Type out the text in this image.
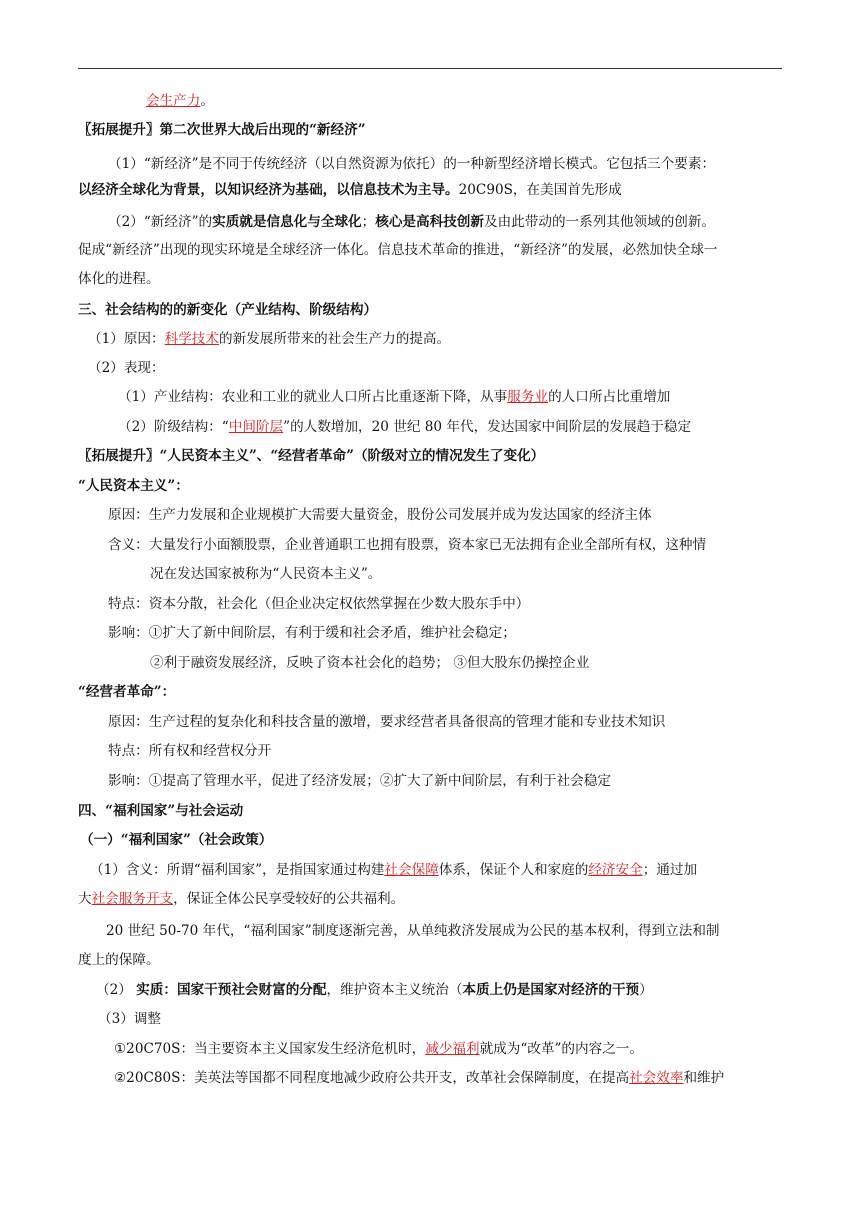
会生产力。
〖拓展提升〗第二次世界大战后出现的“新经济”
（1）“新经济”是不同于传统经济（以自然资源为依托）的一种新型经济增长模式。它包括三个要素：
以经济全球化为背景，以知识经济为基础，以信息技术为主导。20C90S，在美国首先形成
（2）“新经济”的实质就是信息化与全球化；核心是高科技创新及由此带动的一系列其他领域的创新。
促成“新经济”出现的现实环境是全球经济一体化。信息技术革命的推进，“新经济”的发展，必然加快全球一
体化的进程。
三、社会结构的的新变化（产业结构、阶级结构）
（1）原因：科学技术的新发展所带来的社会生产力的提高。
（2）表现：
（1）产业结构：农业和工业的就业人口所占比重逐渐下降，从事服务业的人口所占比重增加
（2）阶级结构：“中间阶层”的人数增加，20 世纪 80 年代，发达国家中间阶层的发展趋于稳定
〖拓展提升〗“人民资本主义”、“经营者革命”（阶级对立的情况发生了变化）
“人民资本主义”：
原因：生产力发展和企业规模扩大需要大量资金，股份公司发展并成为发达国家的经济主体
含义：大量发行小面额股票，企业普通职工也拥有股票，资本家已无法拥有企业全部所有权，这种情
况在发达国家被称为“人民资本主义”。
特点：资本分散，社会化（但企业决定权依然掌握在少数大股东手中）
影响：①扩大了新中间阶层，有利于缓和社会矛盾，维护社会稳定；
②利于融资发展经济，反映了资本社会化的趋势； ③但大股东仍操控企业
“经营者革命”：
原因：生产过程的复杂化和科技含量的激增，要求经营者具备很高的管理才能和专业技术知识
特点：所有权和经营权分开
影响：①提高了管理水平，促进了经济发展；②扩大了新中间阶层，有利于社会稳定
四、“福利国家”与社会运动
（一）“福利国家”（社会政策）
（1）含义：所谓“福利国家”，是指国家通过构建社会保障体系，保证个人和家庭的经济安全；通过加
大社会服务开支，保证全体公民享受较好的公共福利。
20 世纪 50-70 年代，“福利国家”制度逐渐完善，从单纯救济发展成为公民的基本权利，得到立法和制
度上的保障。
（2） 实质：国家干预社会财富的分配，维护资本主义统治（本质上仍是国家对经济的干预）
（3）调整
①20C70S：当主要资本主义国家发生经济危机时，减少福利就成为“改革”的内容之一。
②20C80S：美英法等国都不同程度地减少政府公共开支，改革社会保障制度，在提高社会效率和维护
